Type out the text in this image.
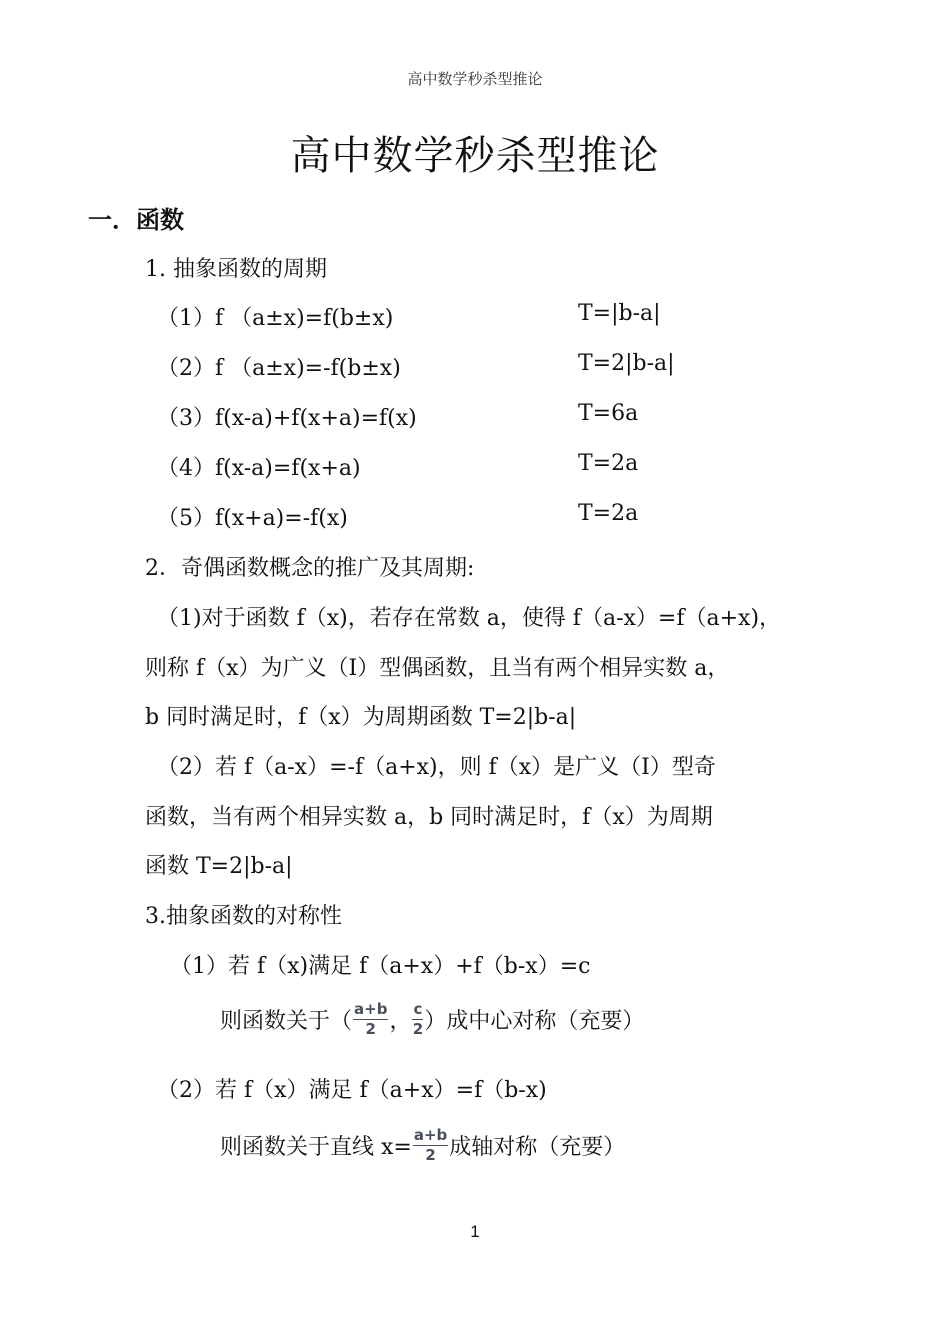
高中数学秒杀型推论
高中数学秒杀型推论
一．函数
1. 抽象函数的周期
（1）f （a±x)=f(b±x)	T=|b-a|
（2）f （a±x)=-f(b±x)	T=2|b-a|
（3）f(x-a)+f(x+a)=f(x)	T=6a
（4）f(x-a)=f(x+a)	T=2a
（5）f(x+a)=-f(x)	T=2a
2．奇偶函数概念的推广及其周期:
（1)对于函数 f（x)，若存在常数 a，使得 f（a-x）=f（a+x)，
则称 f（x）为广义（Ⅰ）型偶函数，且当有两个相异实数 a，
b 同时满足时，f（x）为周期函数 T=2|b-a|
（2）若 f（a-x）=-f（a+x)，则 f（x）是广义（Ⅰ）型奇
函数，当有两个相异实数 a，b 同时满足时，f（x）为周期
函数 T=2|b-a|
3.抽象函数的对称性
（1）若 f（x)满足 f（a+x）+f（b-x）=c
则函数关于（ $\frac{a+b}{2}$ ， $\frac{c}{2}$ ）成中心对称（充要）
（2）若 f（x）满足 f（a+x）=f（b-x)
则函数关于直线 $x= \frac{a+b}{2}$ 成轴对称（充要）
1
